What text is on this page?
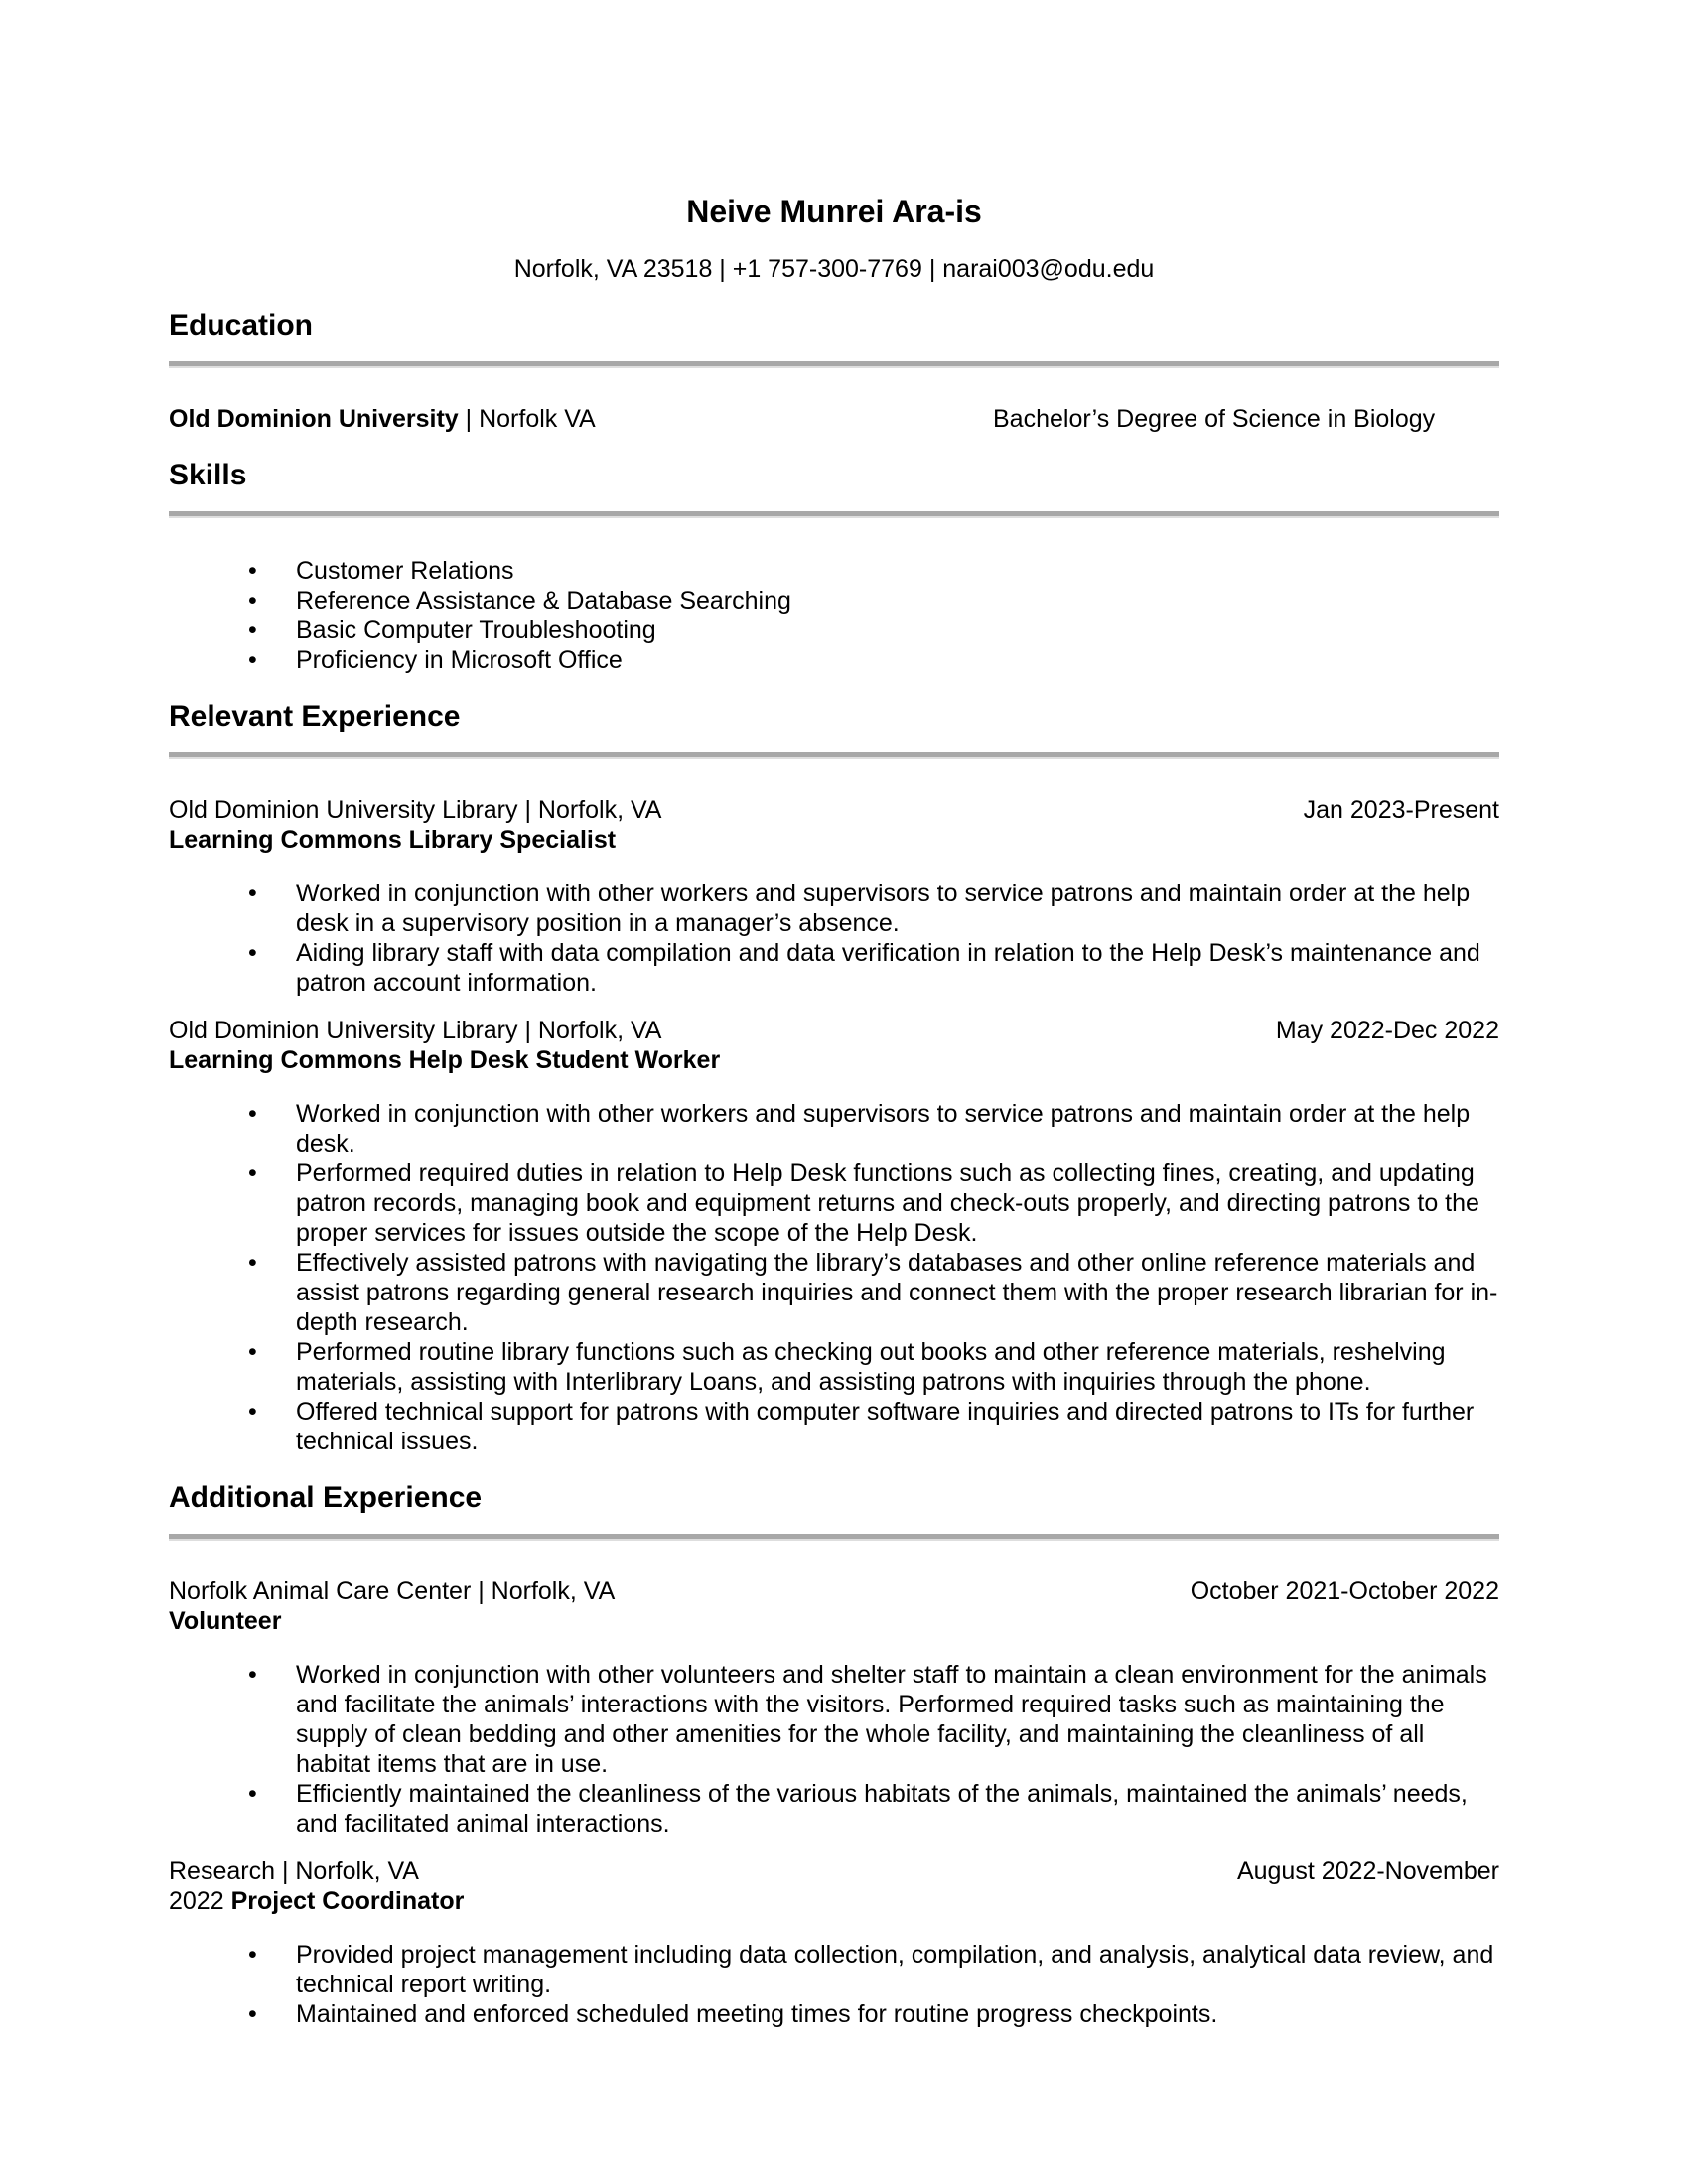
Neive Munrei Ara-is
Norfolk, VA 23518 | +1 757-300-7769 | narai003@odu.edu
Education
Old Dominion University | Norfolk VA	Bachelor’s Degree of Science in Biology
Skills
• Customer Relations
• Reference Assistance & Database Searching
• Basic Computer Troubleshooting
• Proficiency in Microsoft Office
Relevant Experience
Old Dominion University Library | Norfolk, VA	Jan 2023-Present
Learning Commons Library Specialist
• Worked in conjunction with other workers and supervisors to service patrons and maintain order at the help desk in a supervisory position in a manager’s absence.
• Aiding library staff with data compilation and data verification in relation to the Help Desk’s maintenance and patron account information.
Old Dominion University Library | Norfolk, VA	May 2022-Dec 2022
Learning Commons Help Desk Student Worker
• Worked in conjunction with other workers and supervisors to service patrons and maintain order at the help desk.
• Performed required duties in relation to Help Desk functions such as collecting fines, creating, and updating patron records, managing book and equipment returns and check-outs properly, and directing patrons to the proper services for issues outside the scope of the Help Desk.
• Effectively assisted patrons with navigating the library’s databases and other online reference materials and assist patrons regarding general research inquiries and connect them with the proper research librarian for in-depth research.
• Performed routine library functions such as checking out books and other reference materials, reshelving materials, assisting with Interlibrary Loans, and assisting patrons with inquiries through the phone.
• Offered technical support for patrons with computer software inquiries and directed patrons to ITs for further technical issues.
Additional Experience
Norfolk Animal Care Center | Norfolk, VA	October 2021-October 2022
Volunteer
• Worked in conjunction with other volunteers and shelter staff to maintain a clean environment for the animals and facilitate the animals’ interactions with the visitors. Performed required tasks such as maintaining the supply of clean bedding and other amenities for the whole facility, and maintaining the cleanliness of all habitat items that are in use.
• Efficiently maintained the cleanliness of the various habitats of the animals, maintained the animals’ needs, and facilitated animal interactions.
Research | Norfolk, VA	August 2022-November
2022 Project Coordinator
• Provided project management including data collection, compilation, and analysis, analytical data review, and technical report writing.
• Maintained and enforced scheduled meeting times for routine progress checkpoints.
